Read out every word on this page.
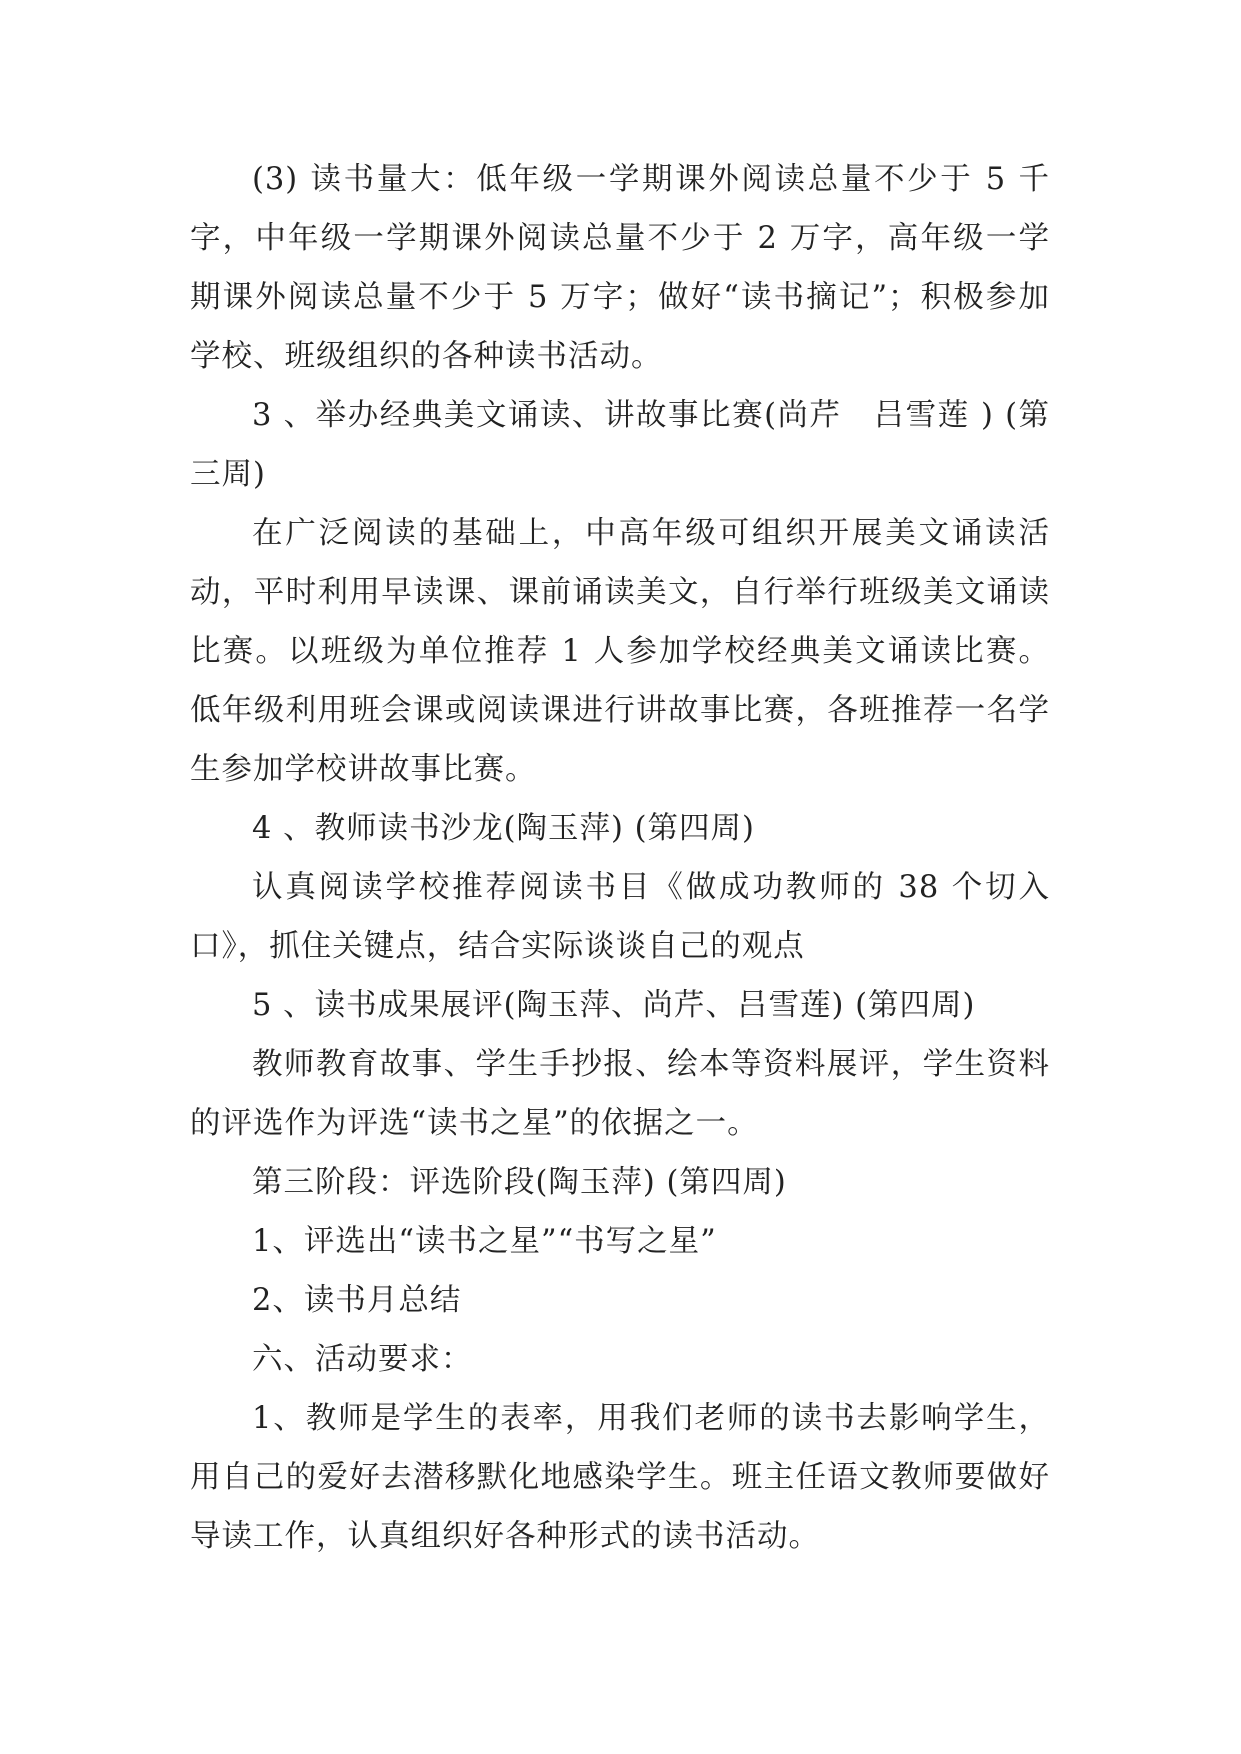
(3) 读书量大：低年级一学期课外阅读总量不少于 5 千字，中年级一学期课外阅读总量不少于 2 万字，高年级一学期课外阅读总量不少于 5 万字；做好“读书摘记”；积极参加学校、班级组织的各种读书活动。

3 、举办经典美文诵读、讲故事比赛(尚芹　吕雪莲 ) (第三周)

在广泛阅读的基础上，中高年级可组织开展美文诵读活动，平时利用早读课、课前诵读美文，自行举行班级美文诵读比赛。以班级为单位推荐 1 人参加学校经典美文诵读比赛。低年级利用班会课或阅读课进行讲故事比赛，各班推荐一名学生参加学校讲故事比赛。

4 、教师读书沙龙(陶玉萍) (第四周)

认真阅读学校推荐阅读书目《做成功教师的 38 个切入口》，抓住关键点，结合实际谈谈自己的观点

5 、读书成果展评(陶玉萍、尚芹、吕雪莲) (第四周)

教师教育故事、学生手抄报、绘本等资料展评，学生资料的评选作为评选“读书之星”的依据之一。

第三阶段：评选阶段(陶玉萍) (第四周)

1、评选出“读书之星”“书写之星”

2、读书月总结

六、活动要求：

1、教师是学生的表率，用我们老师的读书去影响学生，用自己的爱好去潜移默化地感染学生。班主任语文教师要做好导读工作，认真组织好各种形式的读书活动。
